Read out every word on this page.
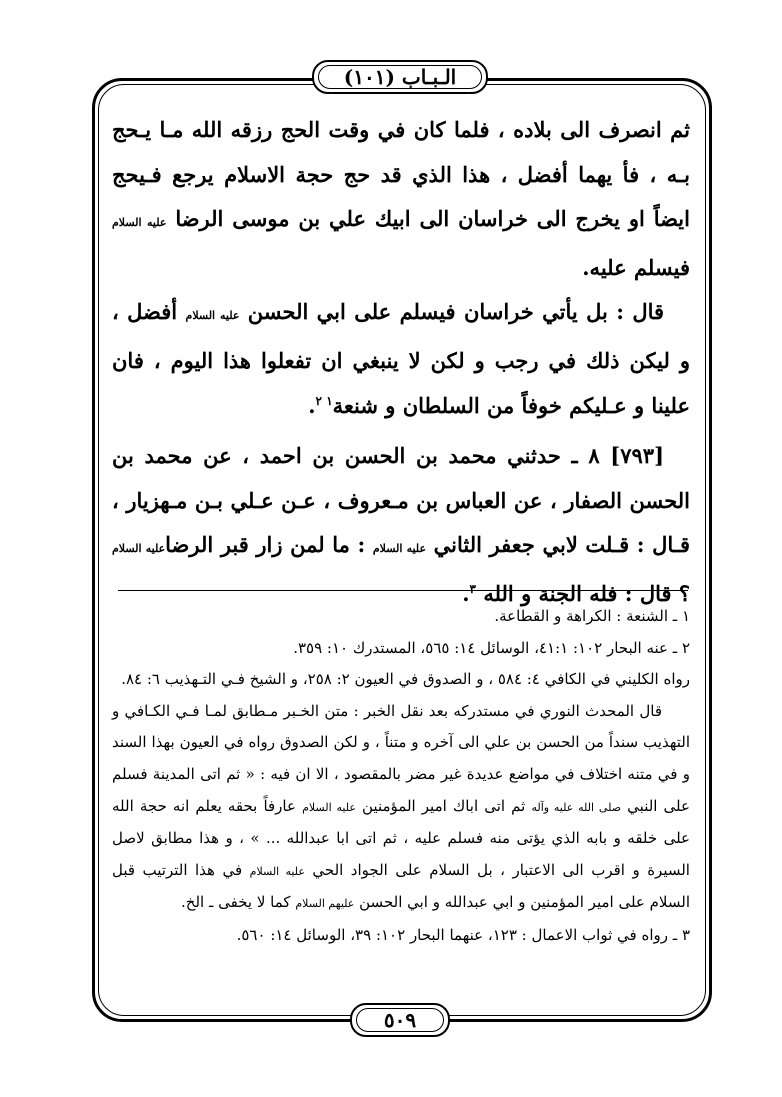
الـبـاب (١٠١)

ثم انصرف الى بلاده ، فلما كان في وقت الحج رزقه الله مـا يـحج بـه ، فأ يهما أفضل ، هذا الذي قد حج حجة الاسلام يرجع فـيحج ايضاً او يخرج الى خراسان الى ابيك علي بن موسى الرضا عليه السلام فيسلم عليه.

قال : بل يأتي خراسان فيسلم على ابي الحسن عليه السلام أفضل ، و ليكن ذلك في رجب و لكن لا ينبغي ان تفعلوا هذا اليوم ، فان علينا و عـليكم خوفاً من السلطان و شنعة$^{١ ٢}$.

[٧٩٣] ٨ ـ حدثني محمد بن الحسن بن احمد ، عن محمد بن الحسن الصفار ، عن العباس بن مـعروف ، عـن عـلي بـن مـهزيار ، قـال : قـلت لابي جعفر الثاني عليه السلام : ما لمن زار قبر الرضاعليه السلام ؟ قال : فله الجنة و الله $^٣$.

١ ـ الشنعة : الكراهة و القطاعة.

٢ ـ عنه البحار ١٠٢: ٤١:١، الوسائل ١٤: ٥٦٥، المستدرك ١٠: ٣٥٩.

رواه الكليني في الكافي ٤: ٥٨٤ ، و الصدوق في العيون ٢: ٢٥٨، و الشيخ فـي التـهذيب ٦: ٨٤.

قال المحدث النوري في مستدركه بعد نقل الخبر : متن الخـبر مـطابق لمـا فـي الكـافي و التهذيب سنداً من الحسن بن علي الى آخره و متناً ، و لكن الصدوق رواه في العيون بهذا السند و في متنه اختلاف في مواضع عديدة غير مضر بالمقصود ، الا ان فيه : « ثم اتى المدينة فسلم على النبي صلى الله عليه وآله ثم اتى اباك امير المؤمنين عليه السلام عارفاً بحقه يعلم انه حجة الله على خلقه و بابه الذي يؤتى منه فسلم عليه ، ثم اتى ابا عبدالله ... » ، و هذا مطابق لاصل السيرة و اقرب الى الاعتبار ، بل السلام على الجواد الحي عليه السلام في هذا الترتيب قبل السلام على امير المؤمنين و ابي عبدالله و ابي الحسن عليهم السلام كما لا يخفى ـ الخ.

٣ ـ رواه في ثواب الاعمال : ١٢٣، عنهما البحار ١٠٢: ٣٩، الوسائل ١٤: ٥٦٠.

٥٠٩
